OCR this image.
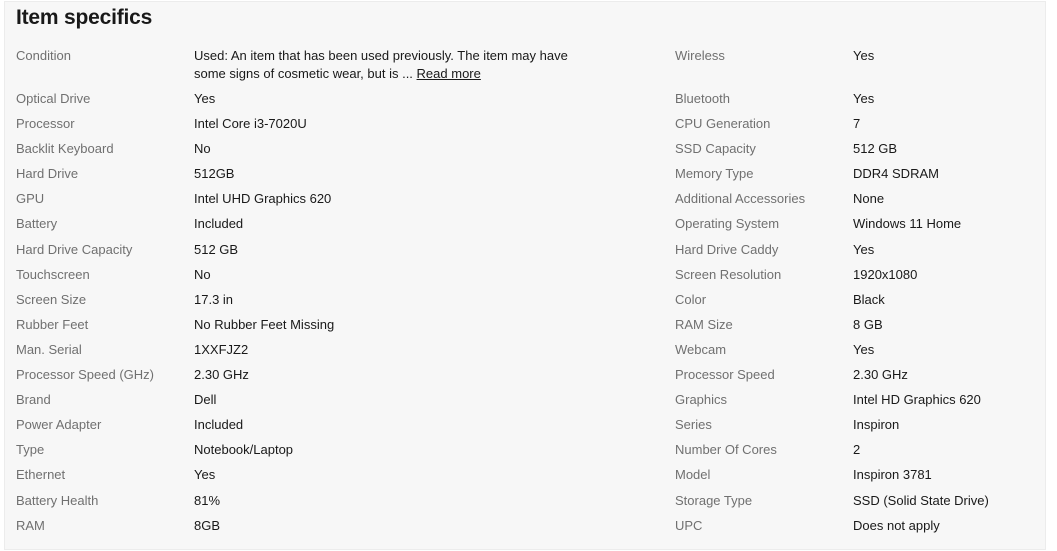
Item specifics
Condition	Used: An item that has been used previously. The item may have some signs of cosmetic wear, but is ... Read more
Optical Drive	Yes
Processor	Intel Core i3-7020U
Backlit Keyboard	No
Hard Drive	512GB
GPU	Intel UHD Graphics 620
Battery	Included
Hard Drive Capacity	512 GB
Touchscreen	No
Screen Size	17.3 in
Rubber Feet	No Rubber Feet Missing
Man. Serial	1XXFJZ2
Processor Speed (GHz)	2.30 GHz
Brand	Dell
Power Adapter	Included
Type	Notebook/Laptop
Ethernet	Yes
Battery Health	81%
RAM	8GB
Wireless	Yes
Bluetooth	Yes
CPU Generation	7
SSD Capacity	512 GB
Memory Type	DDR4 SDRAM
Additional Accessories	None
Operating System	Windows 11 Home
Hard Drive Caddy	Yes
Screen Resolution	1920x1080
Color	Black
RAM Size	8 GB
Webcam	Yes
Processor Speed	2.30 GHz
Graphics	Intel HD Graphics 620
Series	Inspiron
Number Of Cores	2
Model	Inspiron 3781
Storage Type	SSD (Solid State Drive)
UPC	Does not apply
